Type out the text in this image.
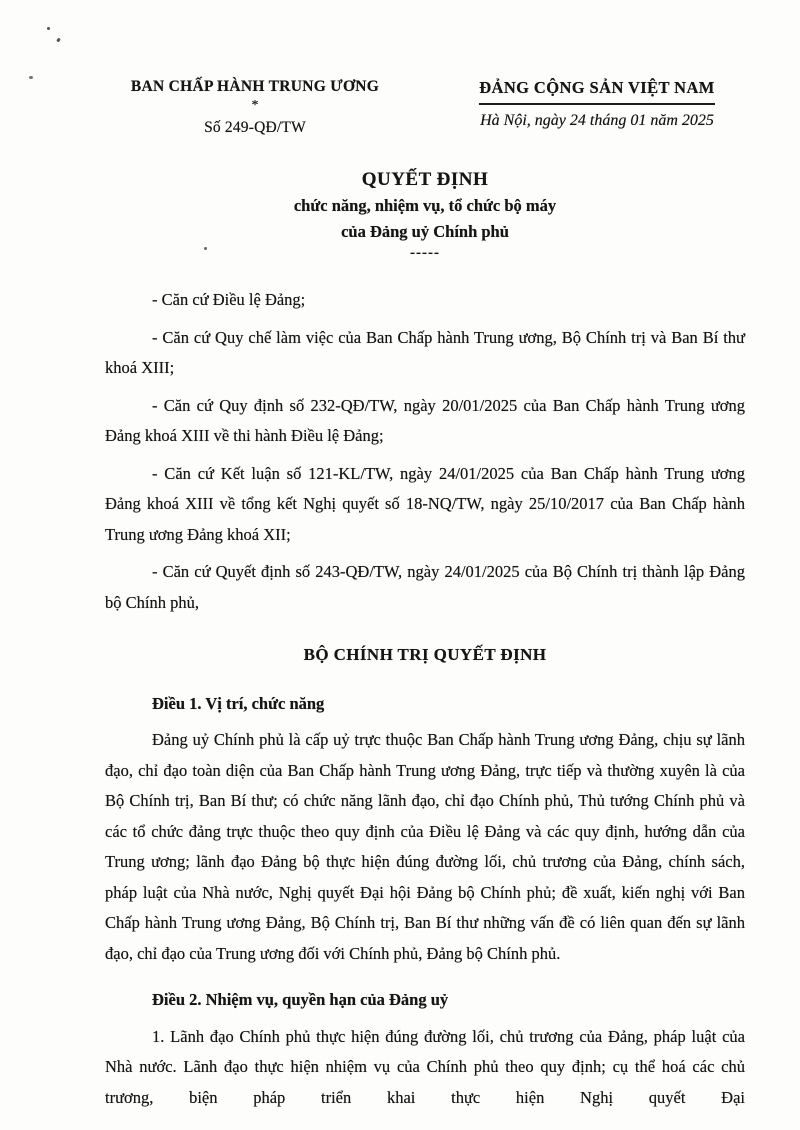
BAN CHẤP HÀNH TRUNG ƯƠNG
*
Số 249-QĐ/TW
ĐẢNG CỘNG SẢN VIỆT NAM
Hà Nội, ngày 24 tháng 01 năm 2025
QUYẾT ĐỊNH
chức năng, nhiệm vụ, tổ chức bộ máy
của Đảng uỷ Chính phủ
-----

- Căn cứ Điều lệ Đảng;

- Căn cứ Quy chế làm việc của Ban Chấp hành Trung ương, Bộ Chính trị và Ban Bí thư khoá XIII;

- Căn cứ Quy định số 232-QĐ/TW, ngày 20/01/2025 của Ban Chấp hành Trung ương Đảng khoá XIII về thi hành Điều lệ Đảng;

- Căn cứ Kết luận số 121-KL/TW, ngày 24/01/2025 của Ban Chấp hành Trung ương Đảng khoá XIII về tổng kết Nghị quyết số 18-NQ/TW, ngày 25/10/2017 của Ban Chấp hành Trung ương Đảng khoá XII;

- Căn cứ Quyết định số 243-QĐ/TW, ngày 24/01/2025 của Bộ Chính trị thành lập Đảng bộ Chính phủ,

BỘ CHÍNH TRỊ QUYẾT ĐỊNH

Điều 1. Vị trí, chức năng

Đảng uỷ Chính phủ là cấp uỷ trực thuộc Ban Chấp hành Trung ương Đảng, chịu sự lãnh đạo, chỉ đạo toàn diện của Ban Chấp hành Trung ương Đảng, trực tiếp và thường xuyên là của Bộ Chính trị, Ban Bí thư; có chức năng lãnh đạo, chỉ đạo Chính phủ, Thủ tướng Chính phủ và các tổ chức đảng trực thuộc theo quy định của Điều lệ Đảng và các quy định, hướng dẫn của Trung ương; lãnh đạo Đảng bộ thực hiện đúng đường lối, chủ trương của Đảng, chính sách, pháp luật của Nhà nước, Nghị quyết Đại hội Đảng bộ Chính phủ; đề xuất, kiến nghị với Ban Chấp hành Trung ương Đảng, Bộ Chính trị, Ban Bí thư những vấn đề có liên quan đến sự lãnh đạo, chỉ đạo của Trung ương đối với Chính phủ, Đảng bộ Chính phủ.

Điều 2. Nhiệm vụ, quyền hạn của Đảng uỷ

1. Lãnh đạo Chính phủ thực hiện đúng đường lối, chủ trương của Đảng, pháp luật của Nhà nước. Lãnh đạo thực hiện nhiệm vụ của Chính phủ theo quy định; cụ thể hoá các chủ trương, biện pháp triển khai thực hiện Nghị quyết Đại
